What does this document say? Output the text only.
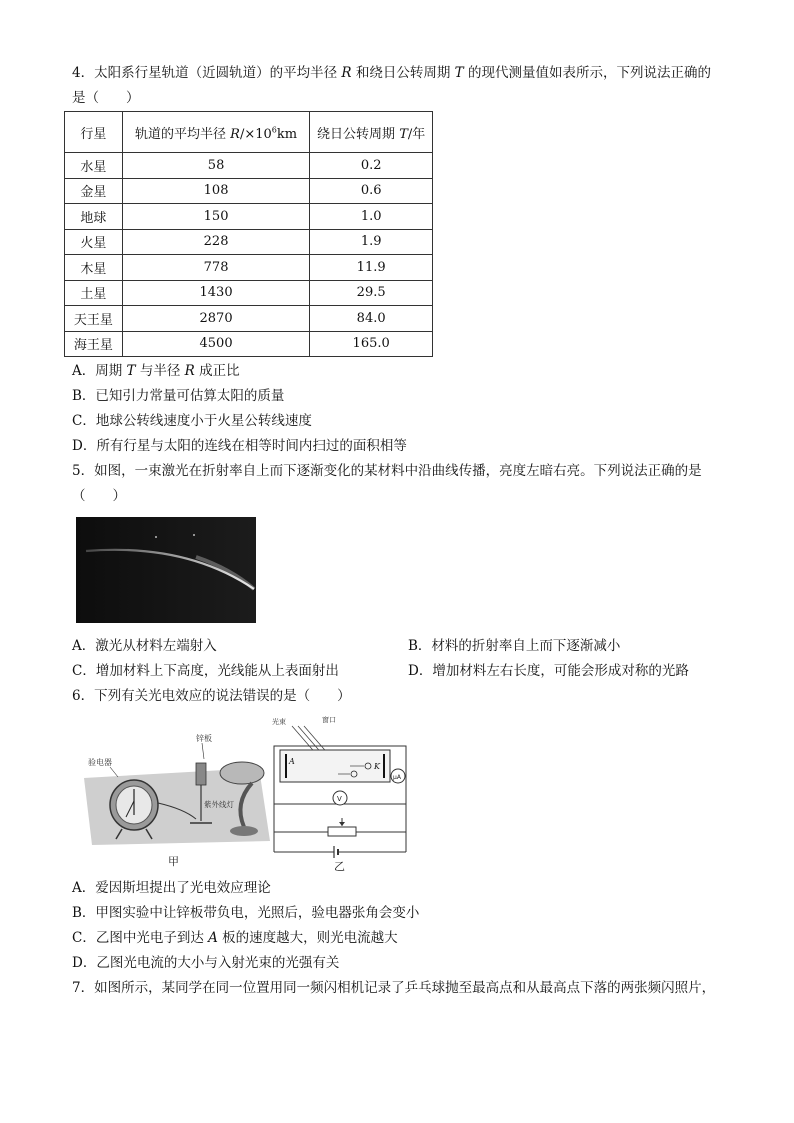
4．太阳系行星轨道（近圆轨道）的平均半径 R 和绕日公转周期 T 的现代测量值如表所示，下列说法正确的
是（　　）
行星	轨道的平均半径 $R/\times 10^6km$	绕日公转周期 T/年
水星	58	0.2
金星	108	0.6
地球	150	1.0
火星	228	1.9
木星	778	11.9
土星	1430	29.5
天王星	2870	84.0
海王星	4500	165.0
A．周期 T 与半径 R 成正比
B．已知引力常量可估算太阳的质量
C．地球公转线速度小于火星公转线速度
D．所有行星与太阳的连线在相等时间内扫过的面积相等
5．如图，一束激光在折射率自上而下逐渐变化的某材料中沿曲线传播，亮度左暗右亮。下列说法正确的是
（　　）
A．激光从材料左端射入	B．材料的折射率自上而下逐渐减小
C．增加材料上下高度，光线能从上表面射出	D．增加材料左右长度，可能会形成对称的光路
6．下列有关光电效应的说法错误的是（　　）
验电器
锌板
紫外线灯
甲
光束	窗口
A
K
μA
V
乙
A．爱因斯坦提出了光电效应理论
B．甲图实验中让锌板带负电，光照后，验电器张角会变小
C．乙图中光电子到达 A 板的速度越大，则光电流越大
D．乙图光电流的大小与入射光束的光强有关
7．如图所示，某同学在同一位置用同一频闪相机记录了乒乓球抛至最高点和从最高点下落的两张频闪照片，
